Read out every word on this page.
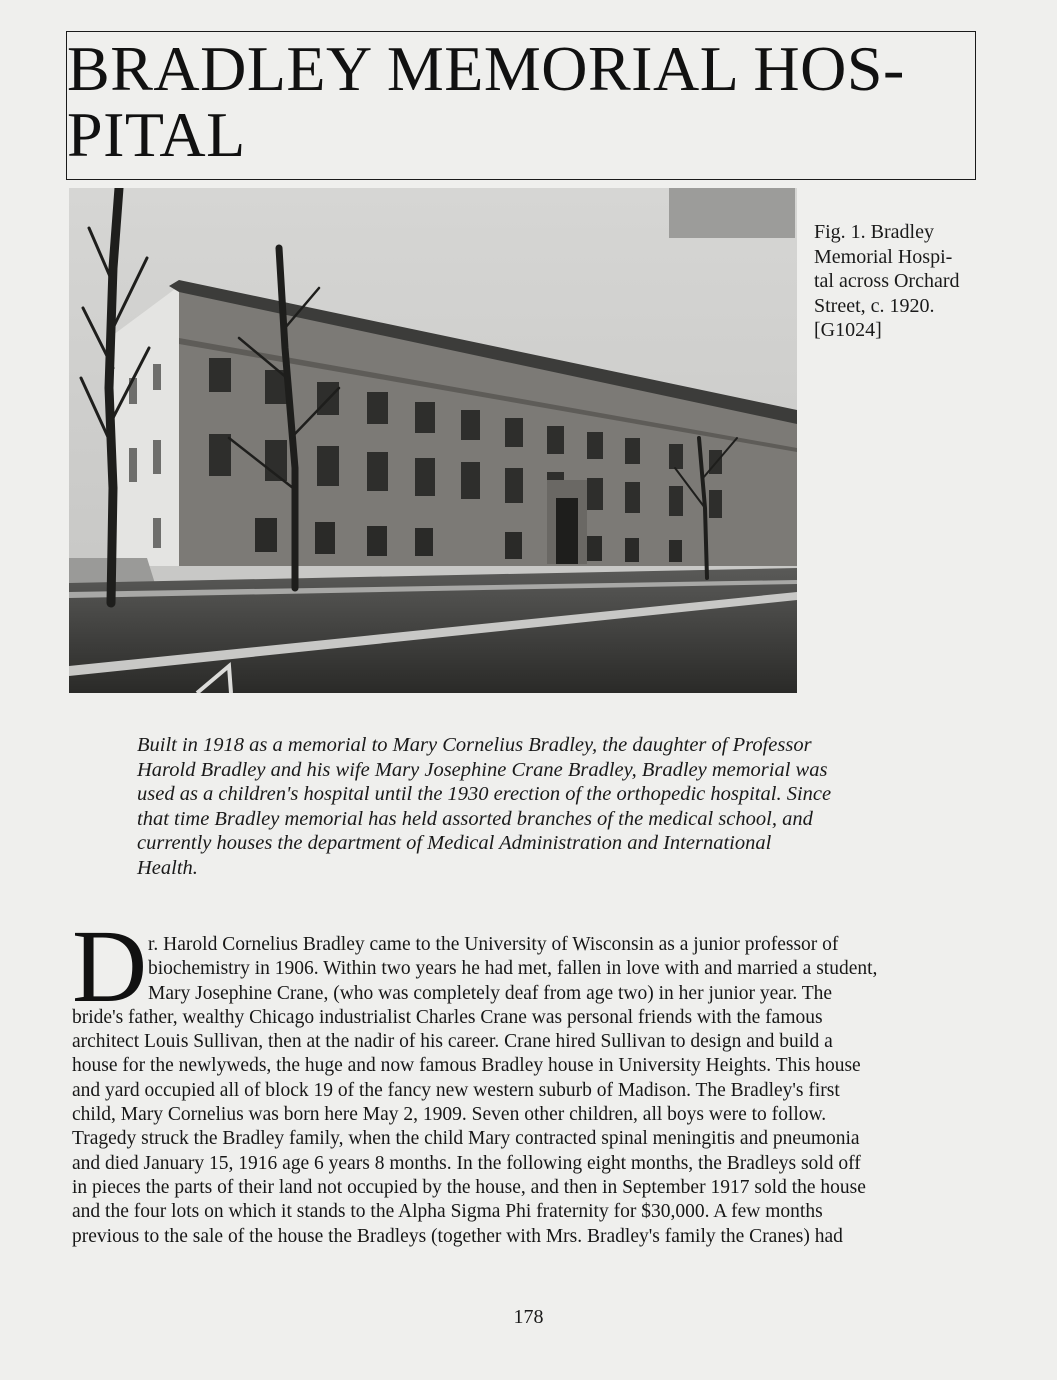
BRADLEY MEMORIAL HOS-
PITAL
Fig. 1. Bradley
Memorial Hospi-
tal across Orchard
Street, c. 1920.
[G1024]
Built in 1918 as a memorial to Mary Cornelius Bradley, the daughter of Professor
Harold Bradley and his wife Mary Josephine Crane Bradley, Bradley memorial was
used as a children's hospital until the 1930 erection of the orthopedic hospital. Since
that time Bradley memorial has held assorted branches of the medical school, and
currently houses the department of Medical Administration and International
Health.
D r. Harold Cornelius Bradley came to the University of Wisconsin as a junior professor of
biochemistry in 1906. Within two years he had met, fallen in love with and married a student,
Mary Josephine Crane, (who was completely deaf from age two) in her junior year. The
bride's father, wealthy Chicago industrialist Charles Crane was personal friends with the famous
architect Louis Sullivan, then at the nadir of his career. Crane hired Sullivan to design and build a
house for the newlyweds, the huge and now famous Bradley house in University Heights. This house
and yard occupied all of block 19 of the fancy new western suburb of Madison. The Bradley's first
child, Mary Cornelius was born here May 2, 1909. Seven other children, all boys were to follow.
Tragedy struck the Bradley family, when the child Mary contracted spinal meningitis and pneumonia
and died January 15, 1916 age 6 years 8 months. In the following eight months, the Bradleys sold off
in pieces the parts of their land not occupied by the house, and then in September 1917 sold the house
and the four lots on which it stands to the Alpha Sigma Phi fraternity for $30,000. A few months
previous to the sale of the house the Bradleys (together with Mrs. Bradley's family the Cranes) had
178
